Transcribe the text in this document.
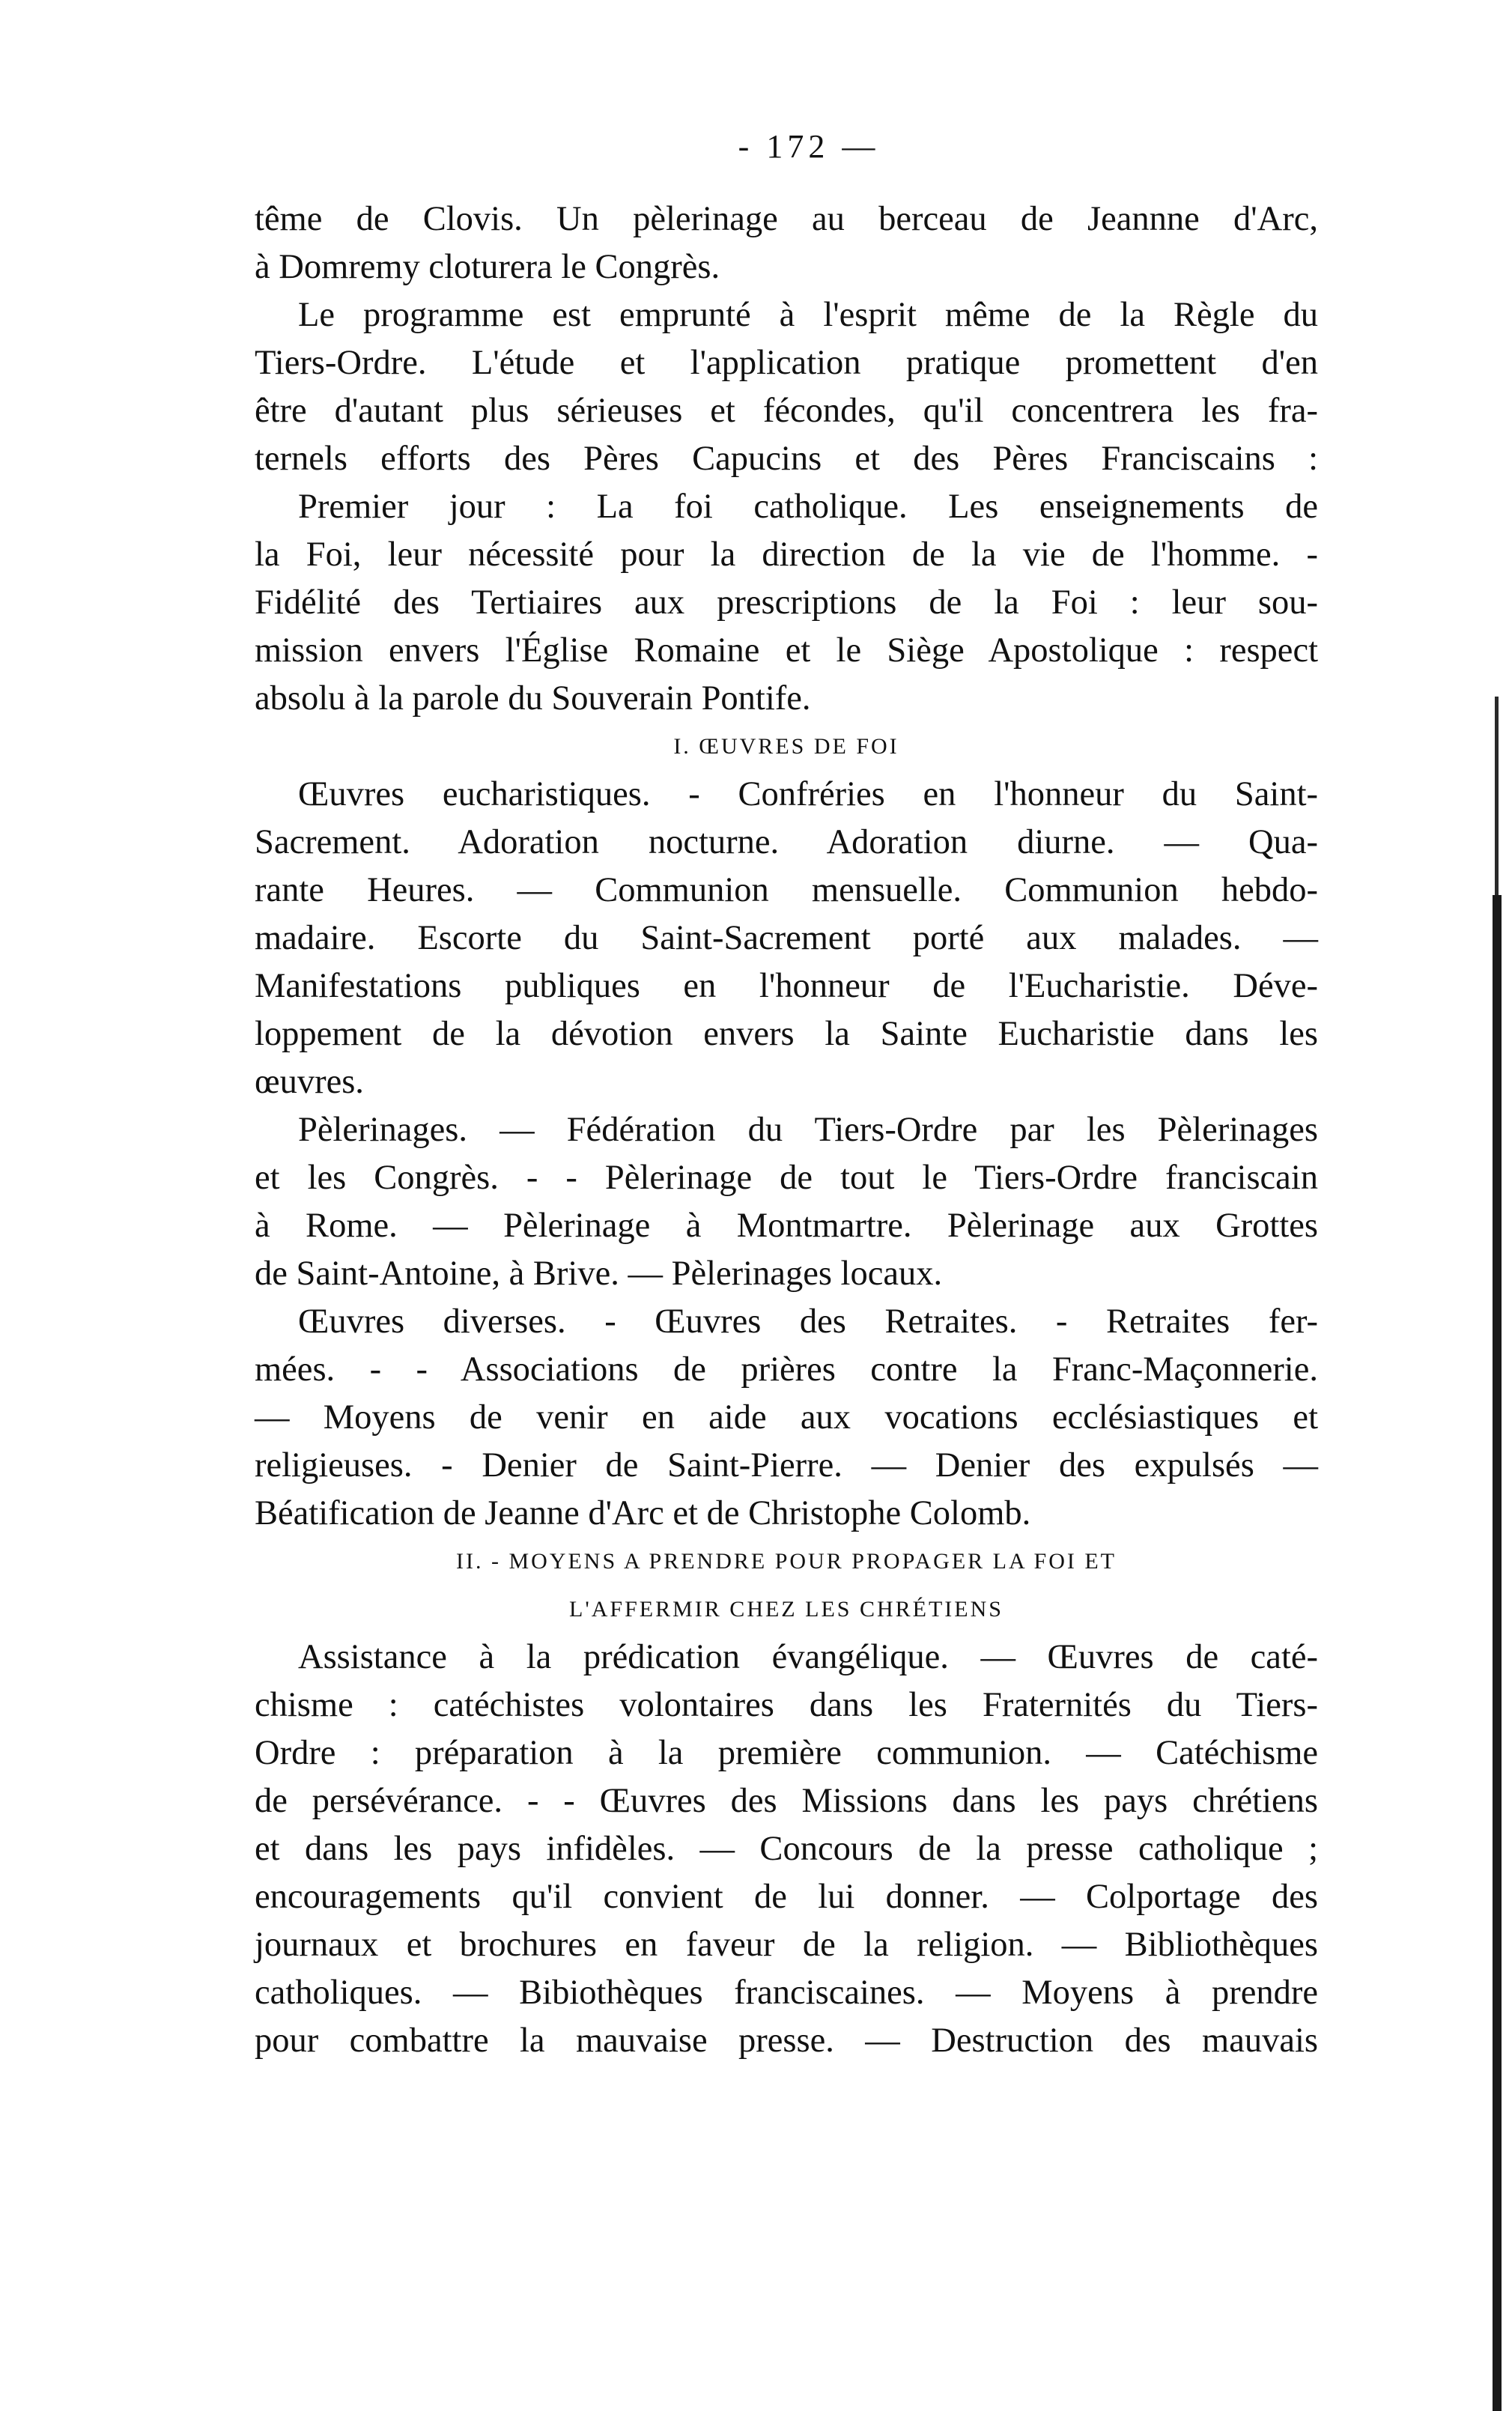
- 172 —
tême de Clovis. Un pèlerinage au berceau de Jeannne d'Arc,
à Domremy cloturera le Congrès.
Le programme est emprunté à l'esprit même de la Règle du
Tiers-Ordre. L'étude et l'application pratique promettent d'en
être d'autant plus sérieuses et fécondes, qu'il concentrera les fra-
ternels efforts des Pères Capucins et des Pères Franciscains :
Premier jour : La foi catholique. Les enseignements de
la Foi, leur nécessité pour la direction de la vie de l'homme. -
Fidélité des Tertiaires aux prescriptions de la Foi : leur sou-
mission envers l'Église Romaine et le Siège Apostolique : respect
absolu à la parole du Souverain Pontife.
I. ŒUVRES DE FOI
Œuvres eucharistiques. - Confréries en l'honneur du Saint-
Sacrement. Adoration nocturne. Adoration diurne. — Qua-
rante Heures. — Communion mensuelle. Communion hebdo-
madaire. Escorte du Saint-Sacrement porté aux malades. —
Manifestations publiques en l'honneur de l'Eucharistie. Déve-
loppement de la dévotion envers la Sainte Eucharistie dans les
œuvres.
Pèlerinages. — Fédération du Tiers-Ordre par les Pèlerinages
et les Congrès. - - Pèlerinage de tout le Tiers-Ordre franciscain
à Rome. — Pèlerinage à Montmartre. Pèlerinage aux Grottes
de Saint-Antoine, à Brive. — Pèlerinages locaux.
Œuvres diverses. - Œuvres des Retraites. - Retraites fer-
mées. - - Associations de prières contre la Franc-Maçonnerie.
— Moyens de venir en aide aux vocations ecclésiastiques et
religieuses. - Denier de Saint-Pierre. — Denier des expulsés —
Béatification de Jeanne d'Arc et de Christophe Colomb.
II. - MOYENS A PRENDRE POUR PROPAGER LA FOI ET
L'AFFERMIR CHEZ LES CHRÉTIENS
Assistance à la prédication évangélique. — Œuvres de caté-
chisme : catéchistes volontaires dans les Fraternités du Tiers-
Ordre : préparation à la première communion. — Catéchisme
de persévérance. - - Œuvres des Missions dans les pays chrétiens
et dans les pays infidèles. — Concours de la presse catholique ;
encouragements qu'il convient de lui donner. — Colportage des
journaux et brochures en faveur de la religion. — Bibliothèques
catholiques. — Bibiothèques franciscaines. — Moyens à prendre
pour combattre la mauvaise presse. — Destruction des mauvais
